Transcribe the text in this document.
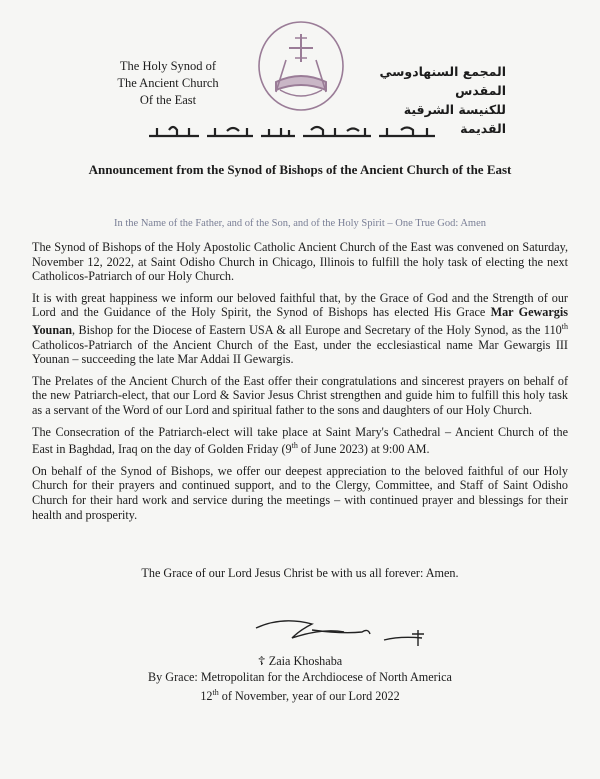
The Holy Synod of
The Ancient Church
Of the East
المجمع السنهادوسي المقدس
للكنيسة الشرقية القديمة
Announcement from the Synod of Bishops of the Ancient Church of the East
In the Name of the Father, and of the Son, and of the Holy Spirit – One True God: Amen

The Synod of Bishops of the Holy Apostolic Catholic Ancient Church of the East was convened on Saturday, November 12, 2022, at Saint Odisho Church in Chicago, Illinois to fulfill the holy task of electing the next Catholicos-Patriarch of our Holy Church.

It is with great happiness we inform our beloved faithful that, by the Grace of God and the Strength of our Lord and the Guidance of the Holy Spirit, the Synod of Bishops has elected His Grace Mar Gewargis Younan, Bishop for the Diocese of Eastern USA & all Europe and Secretary of the Holy Synod, as the 110th Catholicos-Patriarch of the Ancient Church of the East, under the ecclesiastical name Mar Gewargis III Younan – succeeding the late Mar Addai II Gewargis.

The Prelates of the Ancient Church of the East offer their congratulations and sincerest prayers on behalf of the new Patriarch-elect, that our Lord & Savior Jesus Christ strengthen and guide him to fulfill this holy task as a servant of the Word of our Lord and spiritual father to the sons and daughters of our Holy Church.

The Consecration of the Patriarch-elect will take place at Saint Mary's Cathedral – Ancient Church of the East in Baghdad, Iraq on the day of Golden Friday (9th of June 2023) at 9:00 AM.

On behalf of the Synod of Bishops, we offer our deepest appreciation to the beloved faithful of our Holy Church for their prayers and continued support, and to the Clergy, Committee, and Staff of Saint Odisho Church for their hard work and service during the meetings – with continued prayer and blessings for their health and prosperity.

The Grace of our Lord Jesus Christ be with us all forever: Amen.
☦ Zaia Khoshaba
By Grace: Metropolitan for the Archdiocese of North America
12th of November, year of our Lord 2022
